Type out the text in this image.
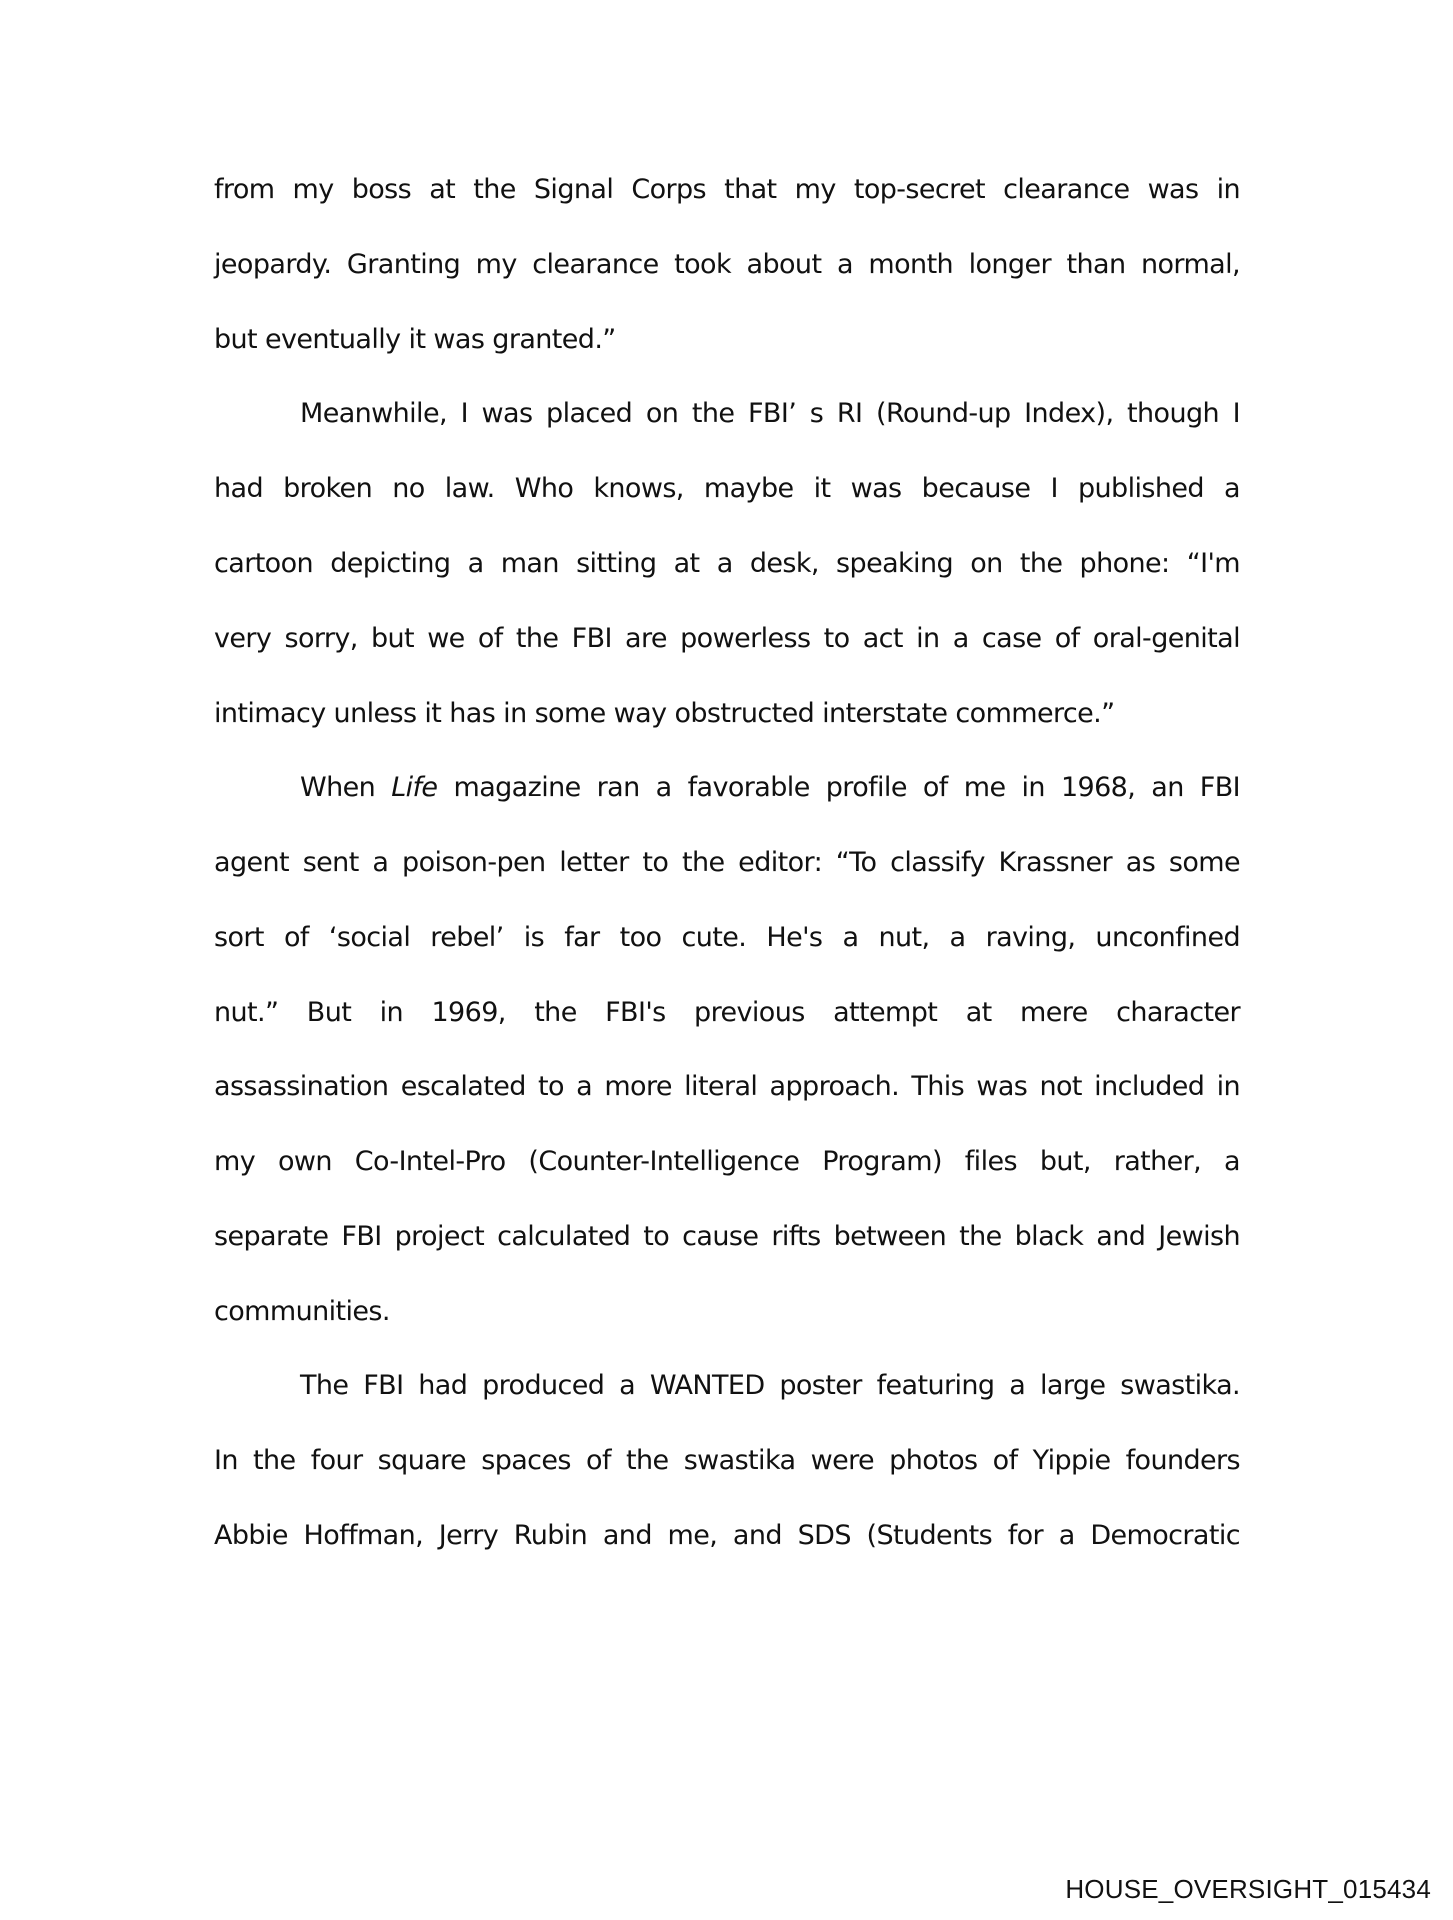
from my boss at the Signal Corps that my top-secret clearance was in
jeopardy. Granting my clearance took about a month longer than normal,
but eventually it was granted.”
Meanwhile, I was placed on the FBI’ s RI (Round-up Index), though I
had broken no law. Who knows, maybe it was because I published a
cartoon depicting a man sitting at a desk, speaking on the phone: “I'm
very sorry, but we of the FBI are powerless to act in a case of oral-genital
intimacy unless it has in some way obstructed interstate commerce.”
When Life magazine ran a favorable profile of me in 1968, an FBI
agent sent a poison-pen letter to the editor: “To classify Krassner as some
sort of ‘social rebel’ is far too cute. He's a nut, a raving, unconfined
nut.” But in 1969, the FBI's previous attempt at mere character
assassination escalated to a more literal approach. This was not included in
my own Co-Intel-Pro (Counter-Intelligence Program) files but, rather, a
separate FBI project calculated to cause rifts between the black and Jewish
communities.
The FBI had produced a WANTED poster featuring a large swastika.
In the four square spaces of the swastika were photos of Yippie founders
Abbie Hoffman, Jerry Rubin and me, and SDS (Students for a Democratic
HOUSE_OVERSIGHT_015434
